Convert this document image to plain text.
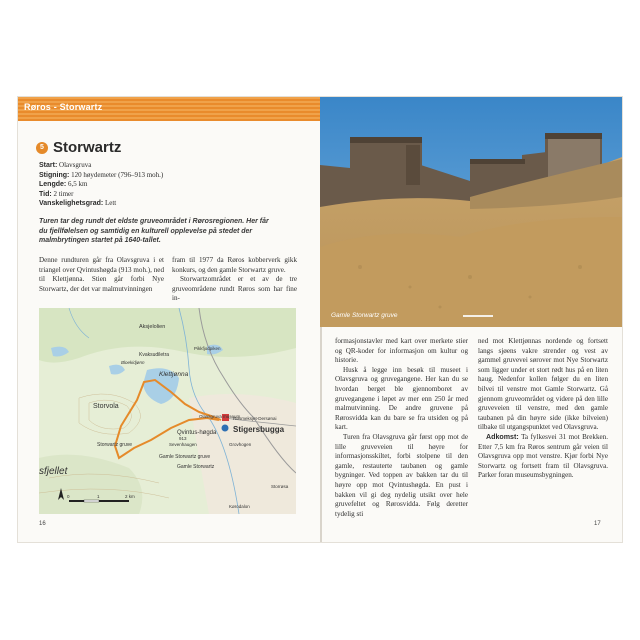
Røros - Storwartz
5 Storwartz
Start: Olavsgruva
Stigning: 120 høydemeter (796–913 moh.)
Lengde: 6,5 km
Tid: 2 timer
Vanskelighetsgrad: Lett
Turen tar deg rundt det eldste gruveområdet i Rørosregionen. Her får du fjellfølelsen og samtidig en kulturell opplevelse på stedet der malmbrytingen startet på 1640-tallet.

Denne rundturen går fra Olavsgruva i et triangel over Qvintushøgda (913 moh.), ned til Klettjønna. Stien går forbi Nye Storwartz, der det var malmutvinningen

fram til 1977 da Røros kobberverk gikk konkurs, og den gamle Storwartz gruve.

Storwartzområdet er et av de tre gruveområdene rundt Røros som har fine in-

Aksjelolien
Klettjønna
Bloekidjønn
Kvaksudiletra
Pikkfjodpiken
Storvola
Qvintus-høgda
913
Olavsgruva museum
Stigersbugga
Røsmeksjet-Dersønai
Storwartz gruve
Gamle Storwartz gruve
Gamle Storwartz
Sevenhaugen	Grovhogen
sfjellet
Kørodalon
Storrøsa
0	1	2 km
Gamle Storwartz gruve

formasjonstavler med kart over merkete stier og QR-koder for informasjon om kultur og historie.

Husk å legge inn besøk til museet i Olavsgruva og gruvegangene. Her kan du se hvordan berget ble gjennomboret av gruvegangene i løpet av mer enn 250 år med malmutvinning. De andre gruvene på Rørosvidda kan du bare se fra utsiden og på kart.

Turen fra Olavsgruva går først opp mot de lille gruveveien til høyre for informasjonsskiltet, forbi stolpene til den gamle, restauterte taubanen og gamle bygninger. Ved toppen av bakken tar du til høyre opp mot Qvintushøgda. En pust i bakken vil gi deg nydelig utsikt over hele gruvefeltet og Rørosvidda. Følg deretter tydelig sti

ned mot Klettjønnas nordende og fortsett langs sjøens vakre strender og vest av gammel gruvevei sørover mot Nye Storwartz som ligger under et stort rødt hus på en liten haug. Nedenfor kollen følger du en liten bilvei til venstre mot Gamle Storwartz. Gå gjennom gruveområdet og videre på den lille gruveveien til venstre, med den gamle taubanen på din høyre side (ikke bilveien) tilbake til utgangspunktet ved Olavsgruva.

Adkomst: Ta fylkesvei 31 mot Brekken. Etter 7,5 km fra Røros sentrum går veien til Olavsgruva opp mot venstre. Kjør forbi Nye Storwartz og fortsett fram til Olavsgruva. Parker foran museumsbygningen.

16	17
